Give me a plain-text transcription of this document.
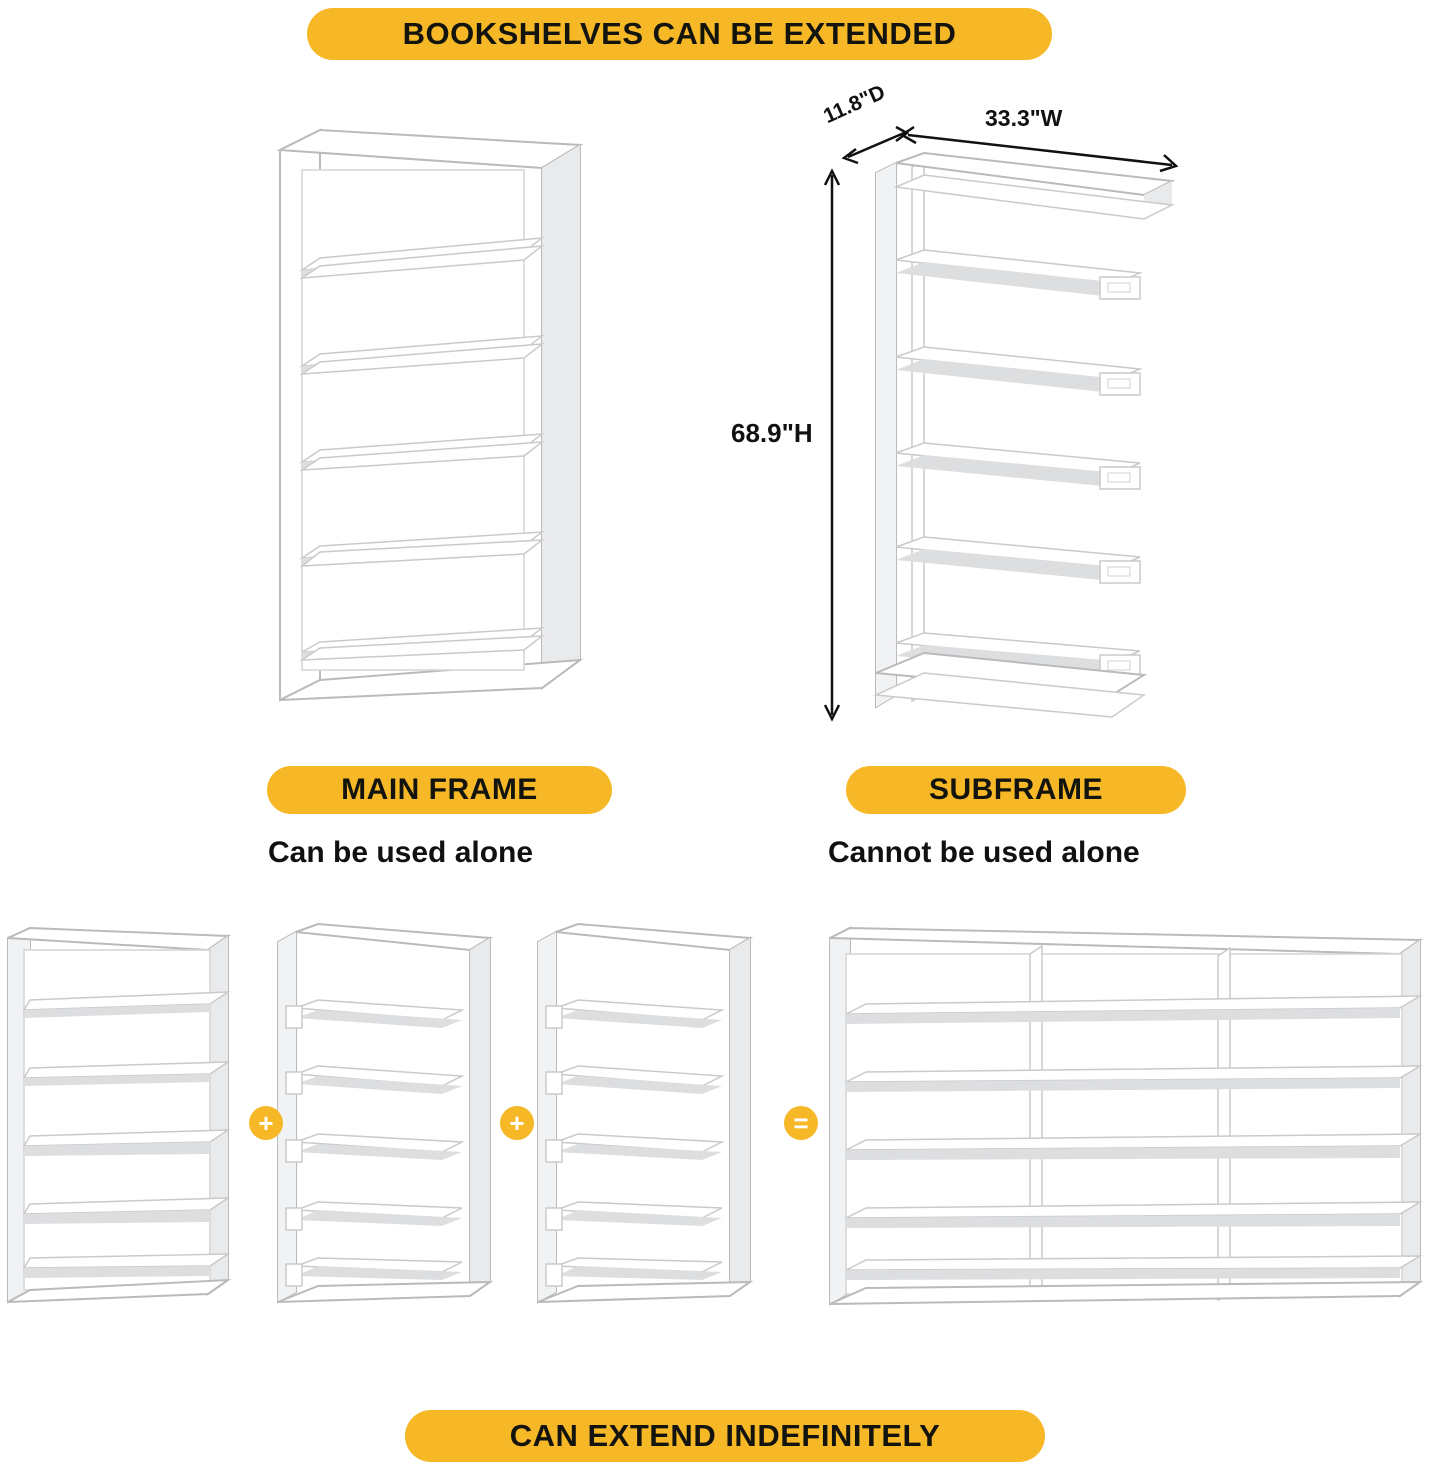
BOOKSHELVES CAN BE EXTENDED
68.9"H
33.3"W
11.8"D
MAIN FRAME
Can be used alone
SUBFRAME
Cannot be used alone
+	+	=
CAN EXTEND INDEFINITELY
